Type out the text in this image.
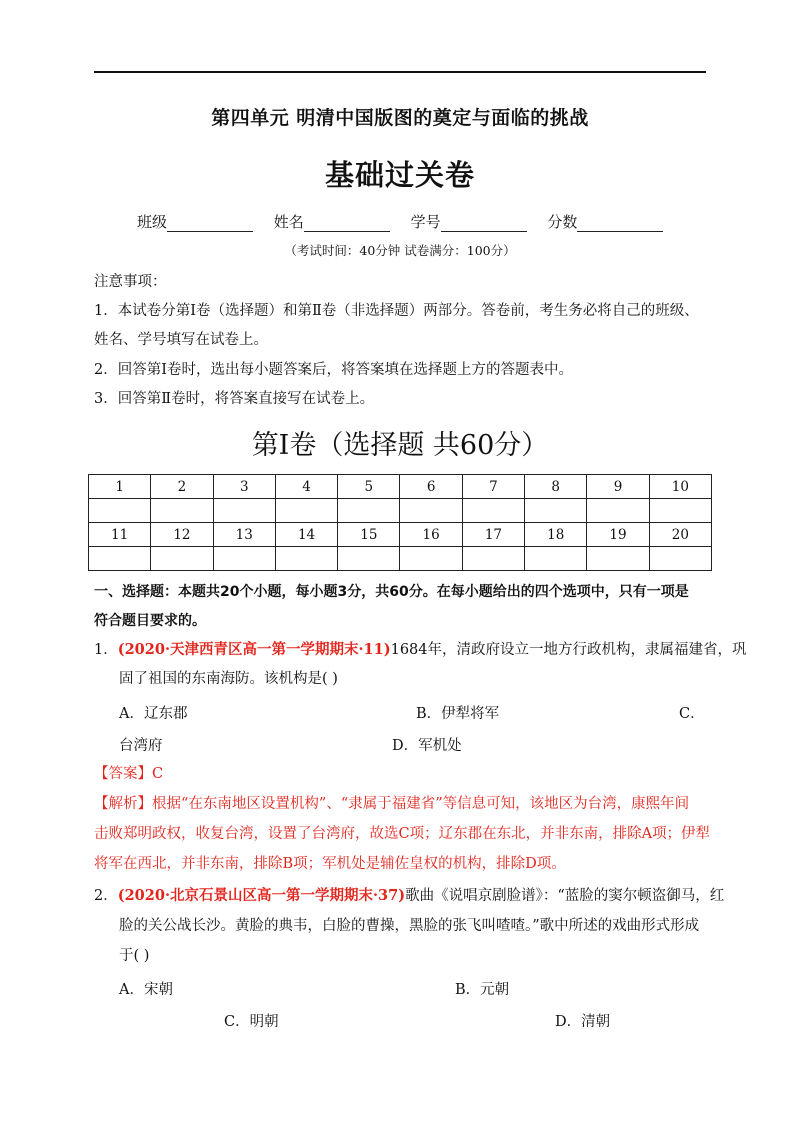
第四单元 明清中国版图的奠定与面临的挑战
基础过关卷
班级	姓名	学号	分数
（考试时间：40分钟 试卷满分：100分）
注意事项：
1．本试卷分第Ⅰ卷（选择题）和第Ⅱ卷（非选择题）两部分。答卷前，考生务必将自己的班级、
姓名、学号填写在试卷上。
2．回答第Ⅰ卷时，选出每小题答案后，将答案填在选择题上方的答题表中。
3．回答第Ⅱ卷时，将答案直接写在试卷上。
第Ⅰ卷（选择题 共60分）
1	2	3	4	5	6	7	8	9	10

11	12	13	14	15	16	17	18	19	20

一、选择题：本题共20个小题，每小题3分，共60分。在每小题给出的四个选项中，只有一项是
符合题目要求的。
1．(2020·天津西青区高一第一学期期末·11)1684年，清政府设立一地方行政机构，隶属福建省，巩
固了祖国的东南海防。该机构是( )
A．辽东郡	B．伊犁将军	C．
台湾府	D．军机处
【答案】C
【解析】根据“在东南地区设置机构”、“隶属于福建省”等信息可知，该地区为台湾，康熙年间
击败郑明政权，收复台湾，设置了台湾府，故选C项；辽东郡在东北，并非东南，排除A项；伊犁
将军在西北，并非东南，排除B项；军机处是辅佐皇权的机构，排除D项。
2．(2020·北京石景山区高一第一学期期末·37)歌曲《说唱京剧脸谱》：“蓝脸的窦尔顿盗御马，红
脸的关公战长沙。黄脸的典韦，白脸的曹操，黑脸的张飞叫喳喳。”歌中所述的戏曲形式形成
于( )
A．宋朝	B．元朝
C．明朝	D．清朝
